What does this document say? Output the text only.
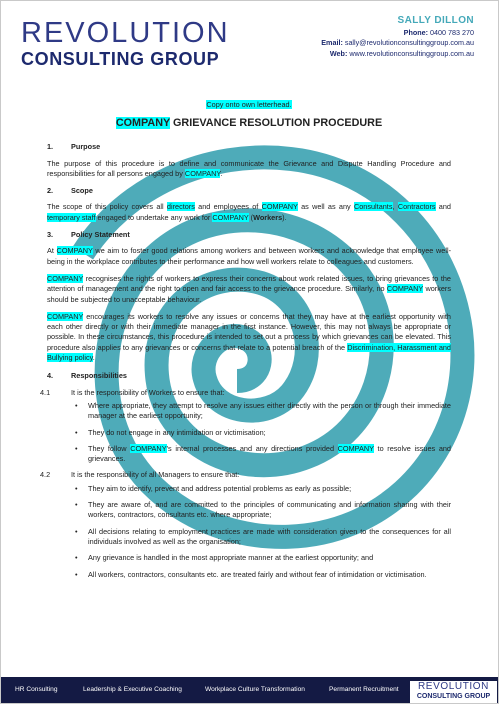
REVOLUTION
CONSULTING GROUP
SALLY DILLON
Phone: 0400 783 270
Email: sally@revolutionconsultinggroup.com.au
Web: www.revolutionconsultinggroup.com.au
Copy onto own letterhead.
COMPANY GRIEVANCE RESOLUTION PROCEDURE
1.	Purpose

The purpose of this procedure is to define and communicate the Grievance and Dispute Handling Procedure and responsibilities for all persons engaged by COMPANY.

2.	Scope

The scope of this policy covers all directors and employees of COMPANY as well as any Consultants, Contractors and temporary staff engaged to undertake any work for COMPANY (Workers).

3.	Policy Statement

At COMPANY we aim to foster good relations among workers and between workers and acknowledge that employee well-being in the workplace contributes to their performance and how well workers relate to colleagues and customers.

COMPANY recognises the rights of workers to express their concerns about work related issues, to bring grievances to the attention of management and the right to open and fair access to the grievance procedure. Similarly, no COMPANY workers should be subjected to unacceptable behaviour.

COMPANY encourages its workers to resolve any issues or concerns that they may have at the earliest opportunity with each other directly or with their immediate manager in the first instance. However, this may not always be appropriate or possible. In these circumstances, this procedure is intended to set out a process by which grievances can be elevated. This procedure also applies to any grievances or concerns that relate to a potential breach of the Discrimination, Harassment and Bullying policy.

4.	Responsibilities
4.1	It is the responsibility of Workers to ensure that:
• Where appropriate, they attempt to resolve any issues either directly with the person or through their immediate manager at the earliest opportunity;
• They do not engage in any intimidation or victimisation;
• They follow COMPANY’s internal processes and any directions provided COMPANY to resolve issues and grievances.
4.2	It is the responsibility of all Managers to ensure that:
• They aim to identify, prevent and address potential problems as early as possible;
• They are aware of, and are committed to the principles of communicating and information sharing with their workers, contractors, consultants etc. where appropriate;
• All decisions relating to employment practices are made with consideration given to the consequences for all individuals involved as well as the organisation;
• Any grievance is handled in the most appropriate manner at the earliest opportunity; and
• All workers, contractors, consultants etc. are treated fairly and without fear of intimidation or victimisation.
HR Consulting	Leadership & Executive Coaching	Workplace Culture Transformation	Permanent Recruitment	REVOLUTION
CONSULTING GROUP
